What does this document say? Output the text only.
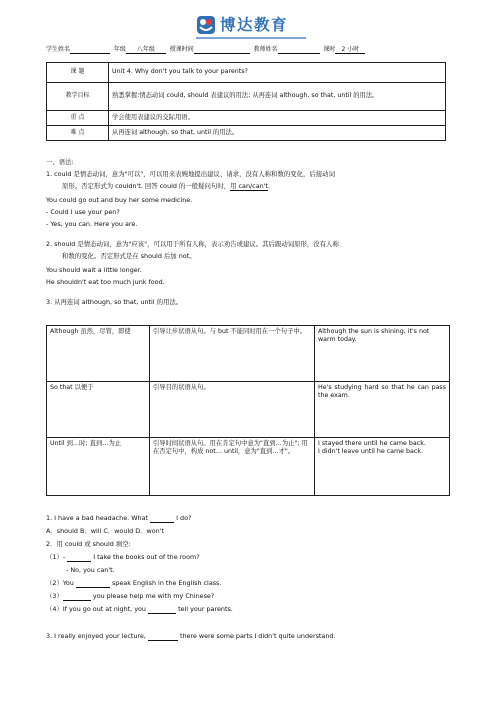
博达教育
学生姓名	年级 八年级 授课时间	教师姓名	课时 2 小时
课 题	Unit 4. Why don't you talk to your parents?
教学目标	熟悉掌握:情态动词 could, should 表建议的用法; 从再连词 although, so that, until 的用法。
重 点	学会使用表建议的交际用语。
难 点	从再连词 although, so that, until 的用法。
一、语法:
1. could 是情态动词，意为"可以"，可以用来表婉地提出建议、请求，没有人称和数的变化，后接动词
原形。否定形式为 couldn't. 回答 could 的一般疑问句时，用 can/can't.
You could go out and buy her some medicine.
- Could I use your pen?
- Yes, you can. Here you are.
2. should 是情态动词，意为"应该"，可以用于所有人称，表示劝告或建议。其后跟动词原形，没有人称
和数的变化。否定形式是在 should 后加 not。
You should wait a little longer.
He shouldn't eat too much junk food.
3. 从再连词 although, so that, until 的用法。
Although 虽然，尽管，即使	引导让步状语从句。与 but 不能同时用在一个句子中。	Although the sun is shining, it's not warm today.
So that 以便于	引导目的状语从句。	He's studying hard so that he can pass the exam.
Until 到…时; 直到…为止	引导时间状语从句。用在肯定句中意为"直到…为止"; 用在否定句中，构成 not… until，意为"直到…才"。	I stayed there until he came back.
I didn't leave until he came back.
1. I have a bad headache. What	I do?
A．should B．will C．would D．won't
2．用 could 或 should 填空:
（1）-	I take the books out of the room?
- No, you can't.
（2）You	speak English in the English class.
（3）	you please help me with my Chinese?
（4）If you go out at night, you	tell your parents.
3. I really enjoyed your lecture,	there were some parts I didn't quite understand.
